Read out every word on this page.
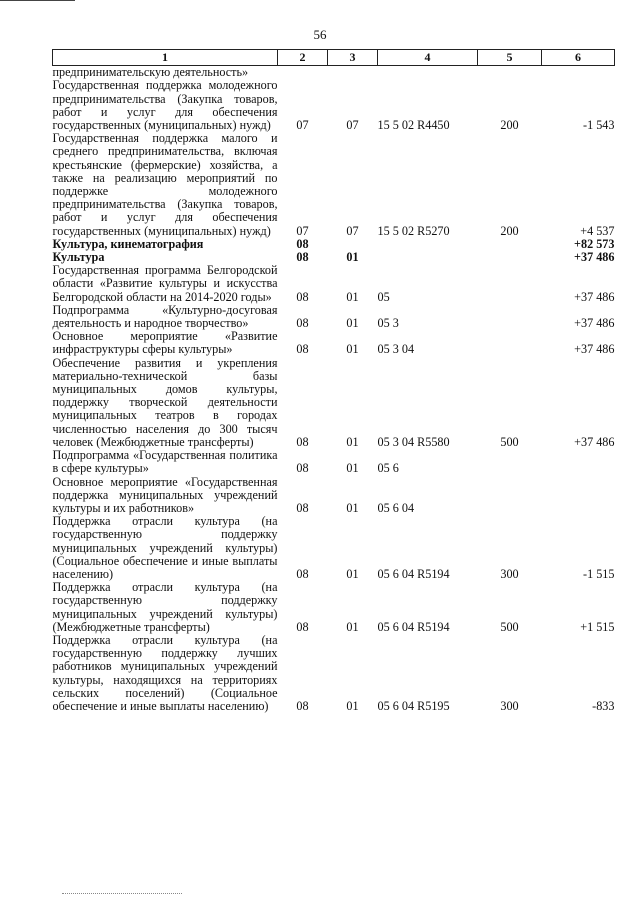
56
1	2	3	4	5	6
предпринимательскую деятельность»					
Государственная поддержка молодежного предпринимательства (Закупка товаров, работ и услуг для обеспечения государственных (муниципальных) нужд)	07	07	15 5 02 R4450	200	-1 543
Государственная поддержка малого и среднего предпринимательства, включая крестьянские (фермерские) хозяйства, а также на реализацию мероприятий по поддержке молодежного предпринимательства (Закупка товаров, работ и услуг для обеспечения государственных (муниципальных) нужд)	07	07	15 5 02 R5270	200	+4 537
Культура, кинематография	08				+82 573
Культура	08	01			+37 486
Государственная программа Белгородской области «Развитие культуры и искусства Белгородской области на 2014-2020 годы»	08	01	05		+37 486
Подпрограмма «Культурно-досуговая деятельность и народное творчество»	08	01	05 3		+37 486
Основное мероприятие «Развитие инфраструктуры сферы культуры»	08	01	05 3 04		+37 486
Обеспечение развития и укрепления материально-технической базы муниципальных домов культуры, поддержку творческой деятельности муниципальных театров в городах численностью населения до 300 тысяч человек (Межбюджетные трансферты)	08	01	05 3 04 R5580	500	+37 486
Подпрограмма «Государственная политика в сфере культуры»	08	01	05 6		
Основное мероприятие «Государственная поддержка муниципальных учреждений культуры и их работников»	08	01	05 6 04		
Поддержка отрасли культура (на государственную поддержку муниципальных учреждений культуры) (Социальное обеспечение и иные выплаты населению)	08	01	05 6 04 R5194	300	-1 515
Поддержка отрасли культура (на государственную поддержку муниципальных учреждений культуры) (Межбюджетные трансферты)	08	01	05 6 04 R5194	500	+1 515
Поддержка отрасли культура (на государственную поддержку лучших работников муниципальных учреждений культуры, находящихся на территориях сельских поселений) (Социальное обеспечение и иные выплаты населению)	08	01	05 6 04 R5195	300	-833
